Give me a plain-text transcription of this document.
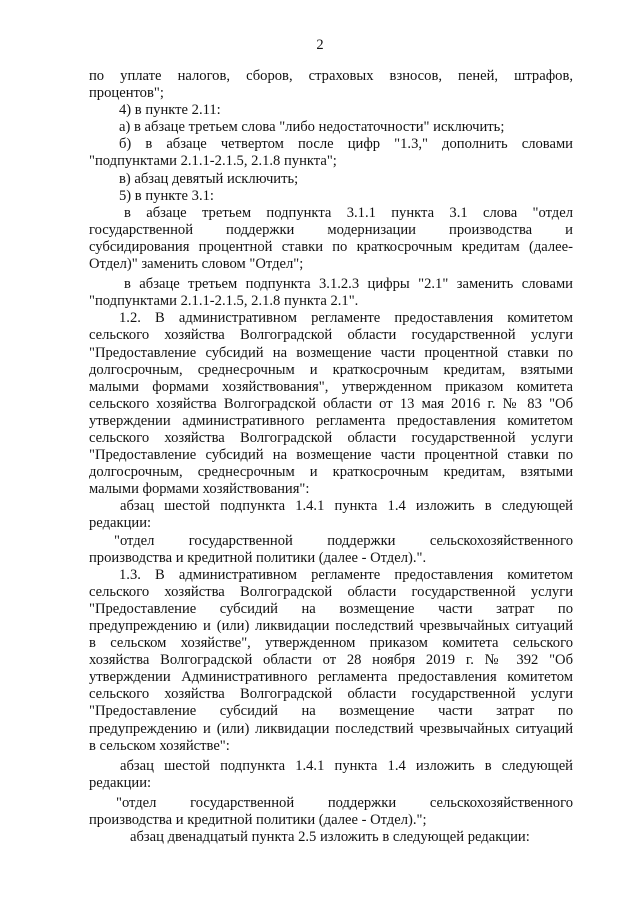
2
по уплате налогов, сборов, страховых взносов, пеней, штрафов,
процентов";
4) в пункте 2.11:
а) в абзаце третьем слова "либо недостаточности" исключить;
б) в абзаце четвертом после цифр "1.3," дополнить словами
"подпунктами 2.1.1-2.1.5, 2.1.8 пункта";
в) абзац девятый исключить;
5) в пункте 3.1:
в абзаце третьем подпункта 3.1.1 пункта 3.1 слова "отдел
государственной поддержки модернизации производства и
субсидирования процентной ставки по краткосрочным кредитам (далее-
Отдел)" заменить словом "Отдел";
в абзаце третьем подпункта 3.1.2.3 цифры "2.1" заменить словами
"подпунктами 2.1.1-2.1.5, 2.1.8 пункта 2.1".
1.2. В административном регламенте предоставления комитетом
сельского хозяйства Волгоградской области государственной услуги
"Предоставление субсидий на возмещение части процентной ставки по
долгосрочным, среднесрочным и краткосрочным кредитам, взятыми
малыми формами хозяйствования", утвержденном приказом комитета
сельского хозяйства Волгоградской области от 13 мая 2016 г. № 83 "Об
утверждении административного регламента предоставления комитетом
сельского хозяйства Волгоградской области государственной услуги
"Предоставление субсидий на возмещение части процентной ставки по
долгосрочным, среднесрочным и краткосрочным кредитам, взятыми
малыми формами хозяйствования":
абзац шестой подпункта 1.4.1 пункта 1.4 изложить в следующей
редакции:
"отдел государственной поддержки сельскохозяйственного
производства и кредитной политики (далее - Отдел).".
1.3. В административном регламенте предоставления комитетом
сельского хозяйства Волгоградской области государственной услуги
"Предоставление субсидий на возмещение части затрат по
предупреждению и (или) ликвидации последствий чрезвычайных ситуаций
в сельском хозяйстве", утвержденном приказом комитета сельского
хозяйства Волгоградской области от 28 ноября 2019 г. № 392 "Об
утверждении Административного регламента предоставления комитетом
сельского хозяйства Волгоградской области государственной услуги
"Предоставление субсидий на возмещение части затрат по
предупреждению и (или) ликвидации последствий чрезвычайных ситуаций
в сельском хозяйстве":
абзац шестой подпункта 1.4.1 пункта 1.4 изложить в следующей
редакции:
"отдел государственной поддержки сельскохозяйственного
производства и кредитной политики (далее - Отдел).";
абзац двенадцатый пункта 2.5 изложить в следующей редакции:
